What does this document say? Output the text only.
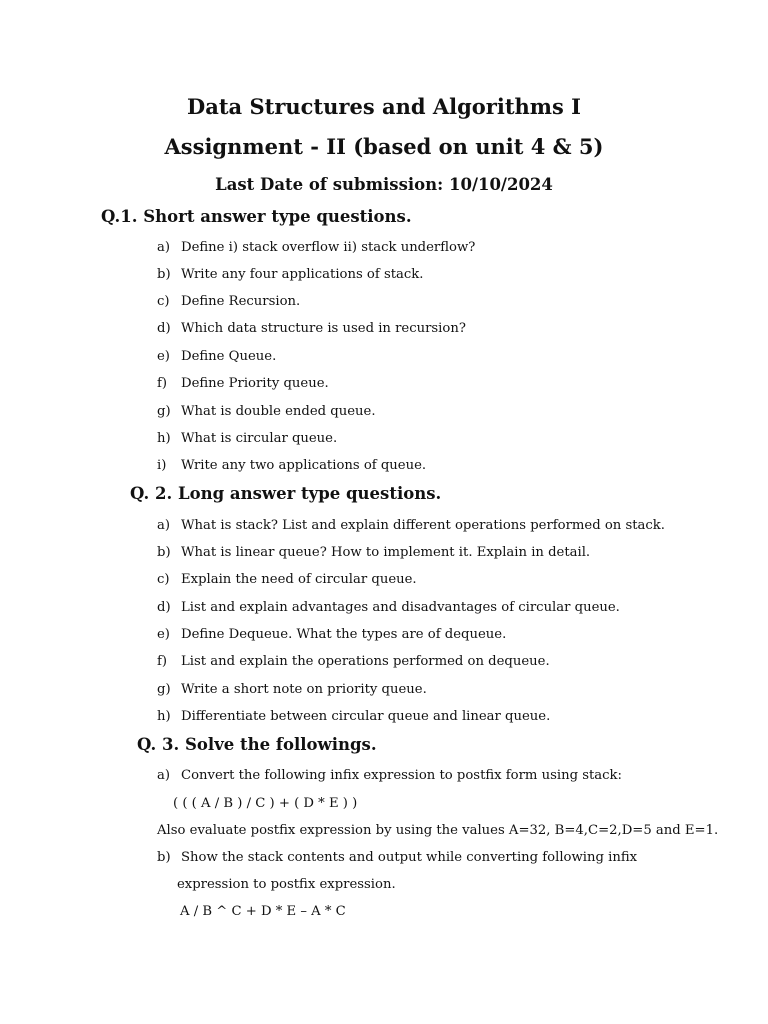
Data Structures and Algorithms I
Assignment - II (based on unit 4 & 5)
Last Date of submission: 10/10/2024
Q.1. Short answer type questions.
a) Define i) stack overflow ii) stack underflow?
b) Write any four applications of stack.
c) Define Recursion.
d) Which data structure is used in recursion?
e) Define Queue.
f) Define Priority queue.
g) What is double ended queue.
h) What is circular queue.
i) Write any two applications of queue.
Q. 2. Long answer type questions.
a) What is stack? List and explain different operations performed on stack.
b) What is linear queue? How to implement it. Explain in detail.
c) Explain the need of circular queue.
d) List and explain advantages and disadvantages of circular queue.
e) Define Dequeue. What the types are of dequeue.
f) List and explain the operations performed on dequeue.
g) Write a short note on priority queue.
h) Differentiate between circular queue and linear queue.
Q. 3. Solve the followings.
a) Convert the following infix expression to postfix form using stack:
( ( ( A / B ) / C ) + ( D * E ) )
Also evaluate postfix expression by using the values A=32, B=4,C=2,D=5 and E=1.
b) Show the stack contents and output while converting following infix
expression to postfix expression.
A / B ^ C + D * E – A * C
